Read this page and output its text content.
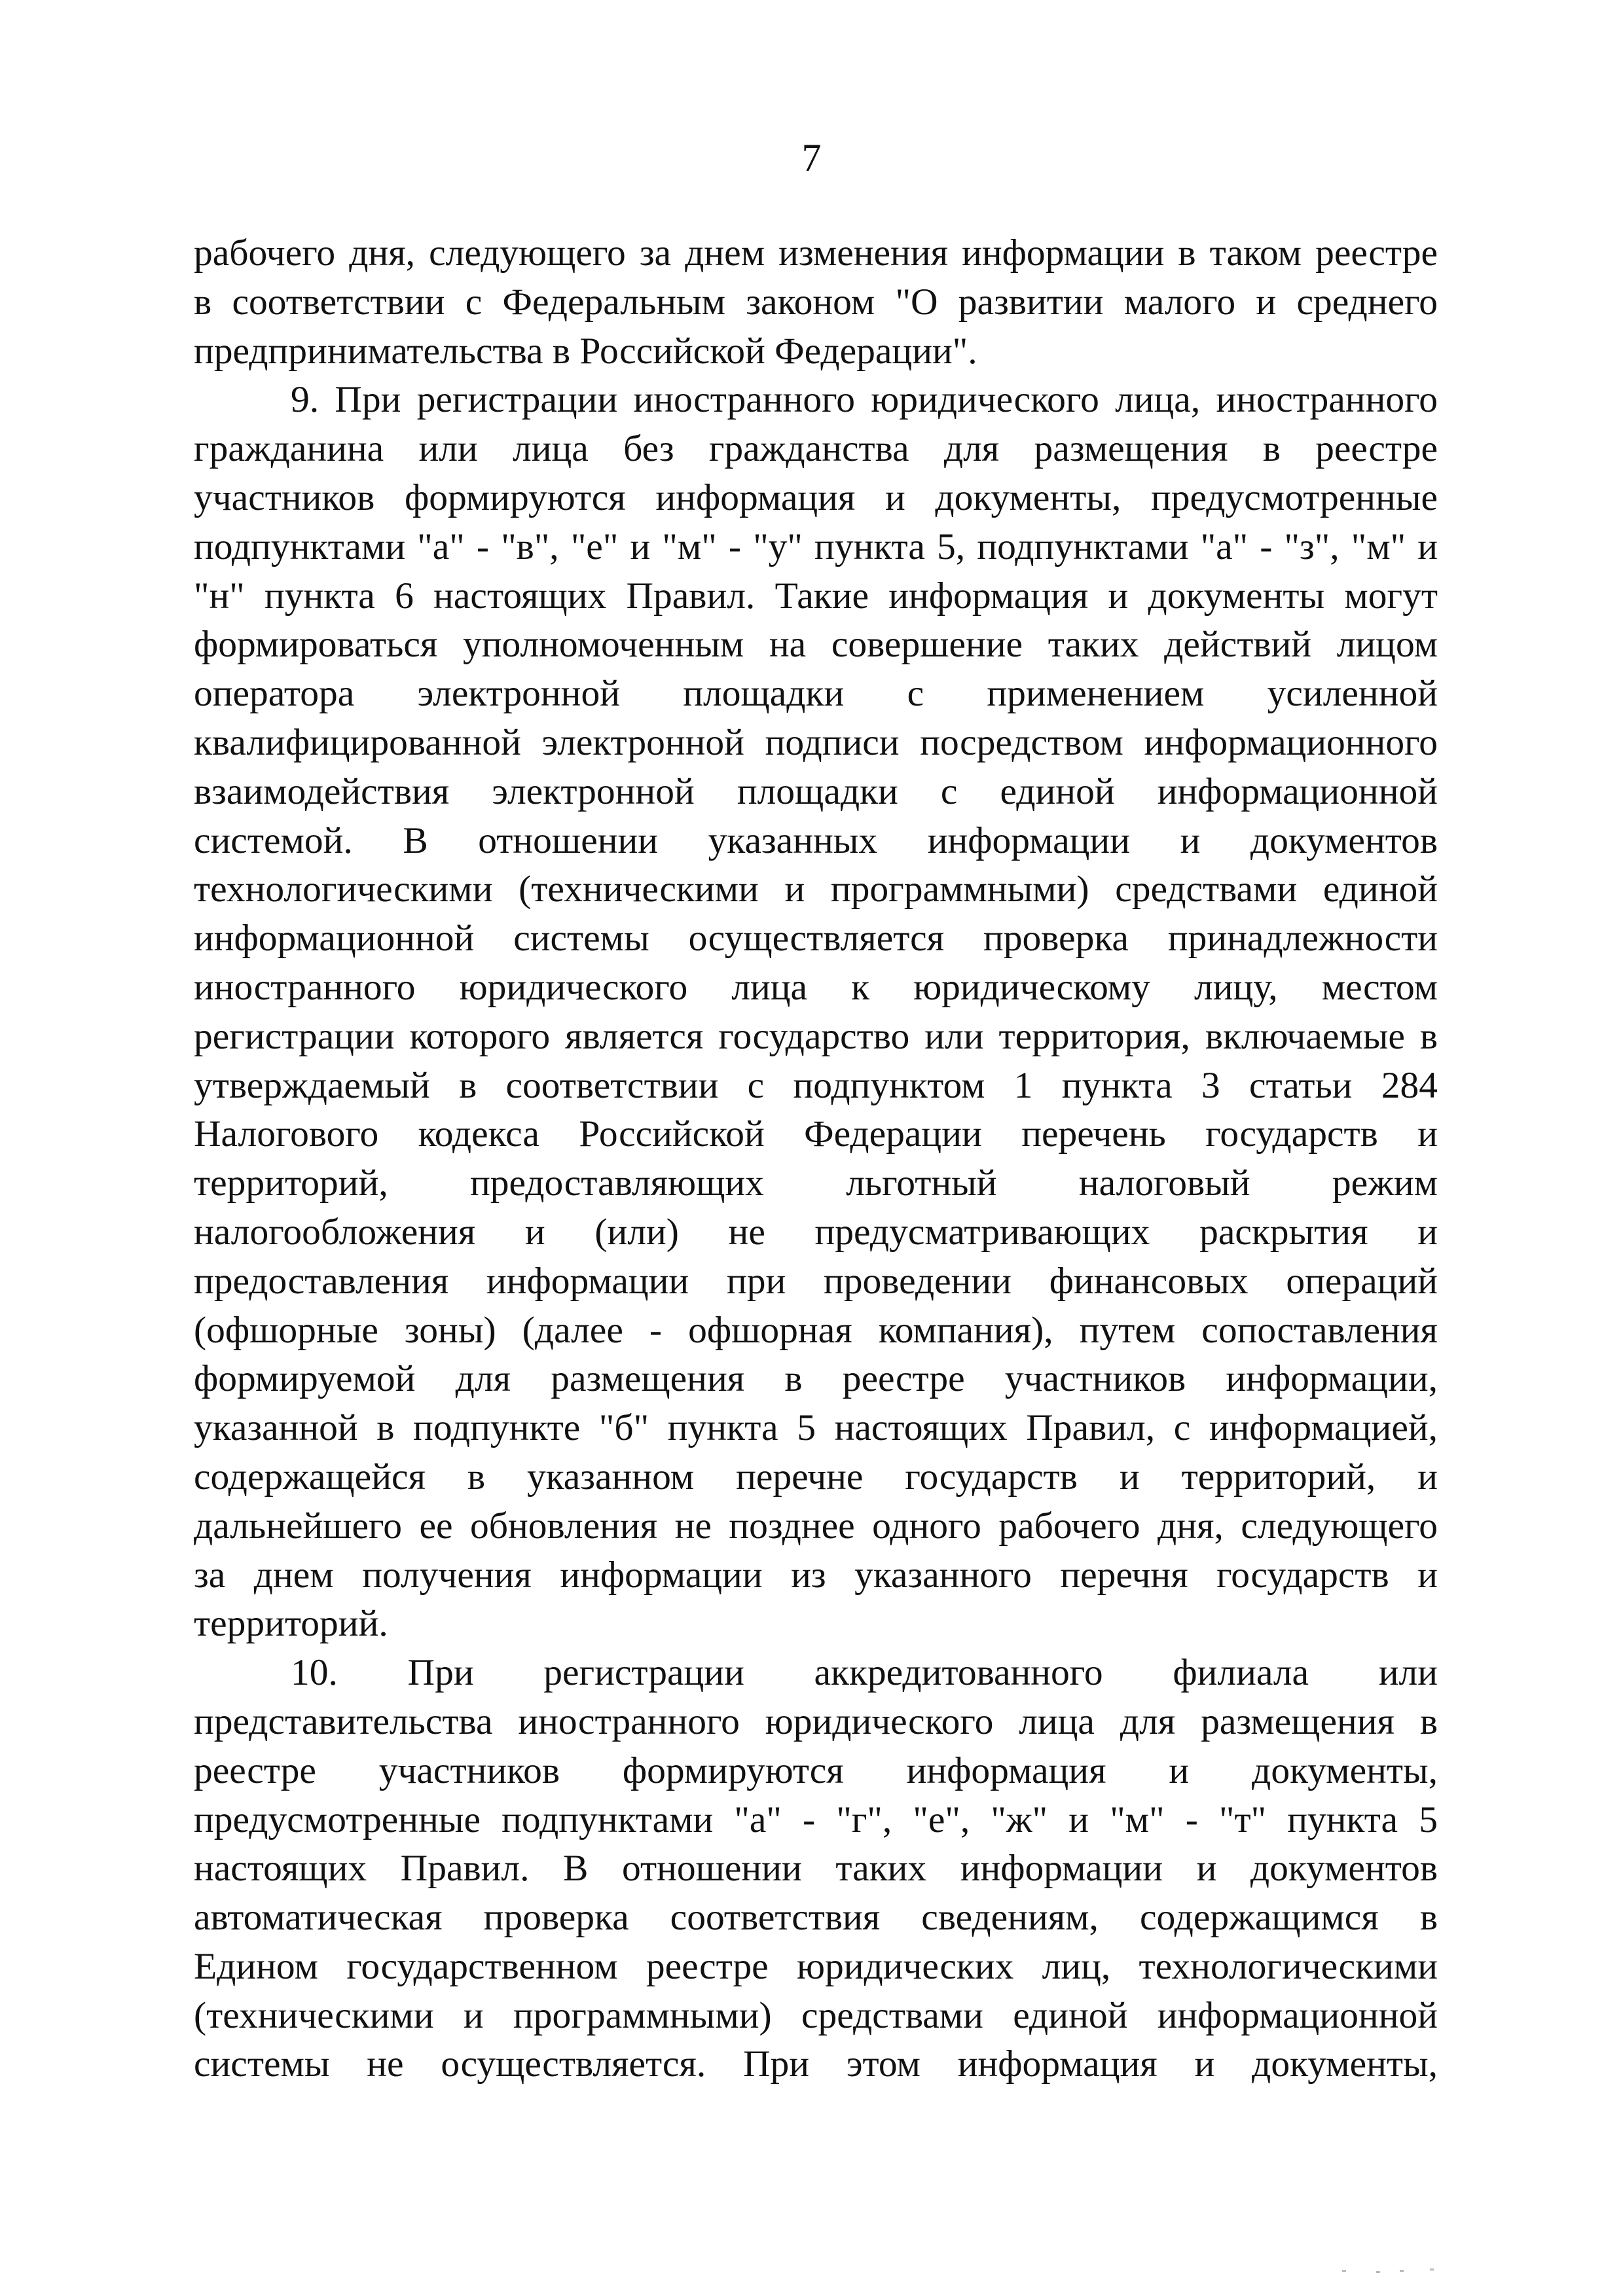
7
рабочего дня, следующего за днем изменения информации в таком реестре
в соответствии с Федеральным законом "О развитии малого и среднего
предпринимательства в Российской Федерации".
9. При регистрации иностранного юридического лица, иностранного
гражданина или лица без гражданства для размещения в реестре
участников формируются информация и документы, предусмотренные
подпунктами "а" - "в", "е" и "м" - "у" пункта 5, подпунктами "а" - "з", "м" и
"н" пункта 6 настоящих Правил. Такие информация и документы могут
формироваться уполномоченным на совершение таких действий лицом
оператора электронной площадки с применением усиленной
квалифицированной электронной подписи посредством информационного
взаимодействия электронной площадки с единой информационной
системой. В отношении указанных информации и документов
технологическими (техническими и программными) средствами единой
информационной системы осуществляется проверка принадлежности
иностранного юридического лица к юридическому лицу, местом
регистрации которого является государство или территория, включаемые в
утверждаемый в соответствии с подпунктом 1 пункта 3 статьи 284
Налогового кодекса Российской Федерации перечень государств и
территорий, предоставляющих льготный налоговый режим
налогообложения и (или) не предусматривающих раскрытия и
предоставления информации при проведении финансовых операций
(офшорные зоны) (далее - офшорная компания), путем сопоставления
формируемой для размещения в реестре участников информации,
указанной в подпункте "б" пункта 5 настоящих Правил, с информацией,
содержащейся в указанном перечне государств и территорий, и
дальнейшего ее обновления не позднее одного рабочего дня, следующего
за днем получения информации из указанного перечня государств и
территорий.
10. При регистрации аккредитованного филиала или
представительства иностранного юридического лица для размещения в
реестре участников формируются информация и документы,
предусмотренные подпунктами "а" - "г", "е", "ж" и "м" - "т" пункта 5
настоящих Правил. В отношении таких информации и документов
автоматическая проверка соответствия сведениям, содержащимся в
Едином государственном реестре юридических лиц, технологическими
(техническими и программными) средствами единой информационной
системы не осуществляется. При этом информация и документы,
